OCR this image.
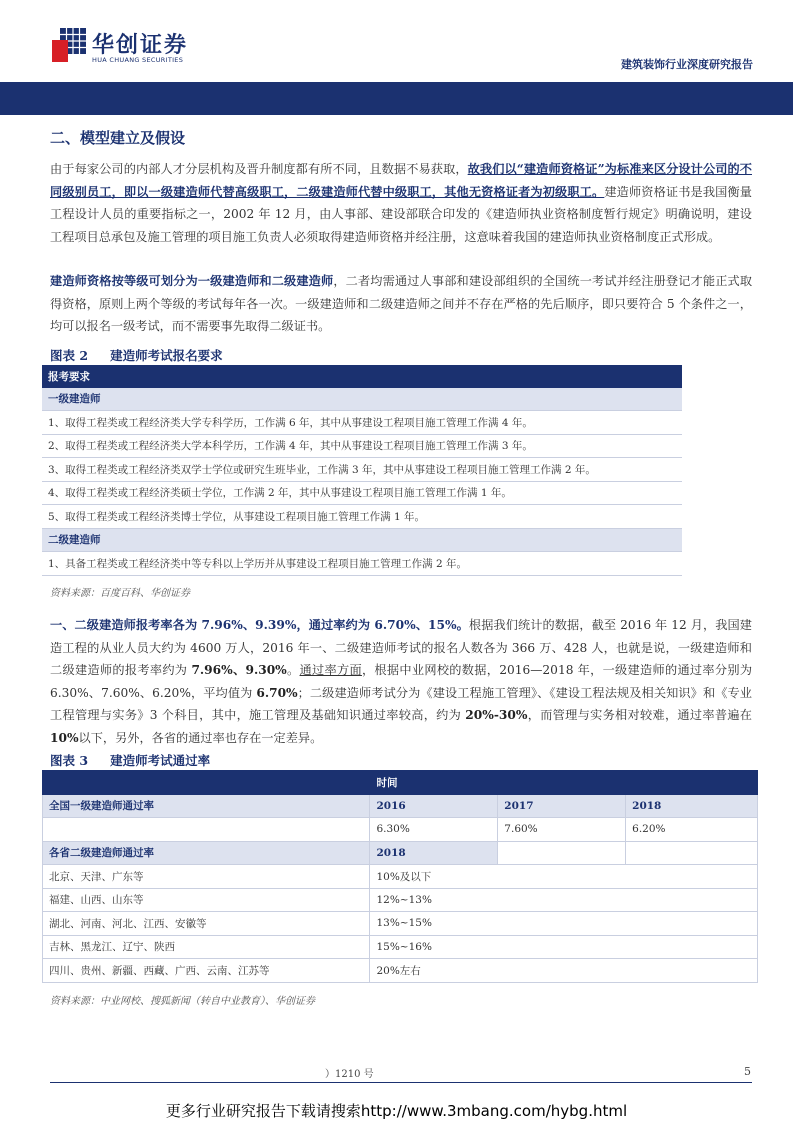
华创证券
HUA CHUANG SECURITIES	建筑装饰行业深度研究报告
二、模型建立及假设
由于每家公司的内部人才分层机构及晋升制度都有所不同，且数据不易获取，故我们以“建造师资格证”为标准来区分设计公司的不同级别员工，即以一级建造师代替高级职工，二级建造师代替中级职工，其他无资格证者为初级职工。建造师资格证书是我国衡量工程设计人员的重要指标之一，2002 年 12 月，由人事部、建设部联合印发的《建造师执业资格制度暂行规定》明确说明，建设工程项目总承包及施工管理的项目施工负责人必须取得建造师资格并经注册，这意味着我国的建造师执业资格制度正式形成。
建造师资格按等级可划分为一级建造师和二级建造师，二者均需通过人事部和建设部组织的全国统一考试并经注册登记才能正式取得资格，原则上两个等级的考试每年各一次。一级建造师和二级建造师之间并不存在严格的先后顺序，即只要符合 5 个条件之一，均可以报名一级考试，而不需要事先取得二级证书。
图表 2 建造师考试报名要求
报考要求
一级建造师
1、取得工程类或工程经济类大学专科学历，工作满 6 年，其中从事建设工程项目施工管理工作满 4 年。
2、取得工程类或工程经济类大学本科学历，工作满 4 年，其中从事建设工程项目施工管理工作满 3 年。
3、取得工程类或工程经济类双学士学位或研究生班毕业，工作满 3 年，其中从事建设工程项目施工管理工作满 2 年。
4、取得工程类或工程经济类硕士学位，工作满 2 年，其中从事建设工程项目施工管理工作满 1 年。
5、取得工程类或工程经济类博士学位，从事建设工程项目施工管理工作满 1 年。
二级建造师
1、具备工程类或工程经济类中等专科以上学历并从事建设工程项目施工管理工作满 2 年。
资料来源：百度百科、华创证券
一、二级建造师报考率各为 7.96%、9.39%，通过率约为 6.70%、15%。根据我们统计的数据，截至 2016 年 12 月，我国建造工程的从业人员大约为 4600 万人，2016 年一、二级建造师考试的报名人数各为 366 万、428 人，也就是说，一级建造师和二级建造师的报考率约为 7.96%、9.30%。通过率方面，根据中业网校的数据，2016—2018 年，一级建造师的通过率分别为 6.30%、7.60%、6.20%，平均值为 6.70%；二级建造师考试分为《建设工程施工管理》、《建设工程法规及相关知识》和《专业工程管理与实务》3 个科目，其中，施工管理及基础知识通过率较高，约为 20%-30%，而管理与实务相对较难，通过率普遍在 10%以下，另外，各省的通过率也存在一定差异。
图表 3 建造师考试通过率
	时间		
全国一级建造师通过率	2016	2017	2018
	6.30%	7.60%	6.20%
各省二级建造师通过率	2018		
北京、天津、广东等	10%及以下		
福建、山西、山东等	12%~13%		
湖北、河南、河北、江西、安徽等	13%~15%		
吉林、黑龙江、辽宁、陕西	15%~16%		
四川、贵州、新疆、西藏、广西、云南、江苏等	20%左右		
资料来源：中业网校、搜狐新闻（转自中业教育）、华创证券
）1210 号	5
更多行业研究报告下载请搜索http://www.3mbang.com/hybg.html
